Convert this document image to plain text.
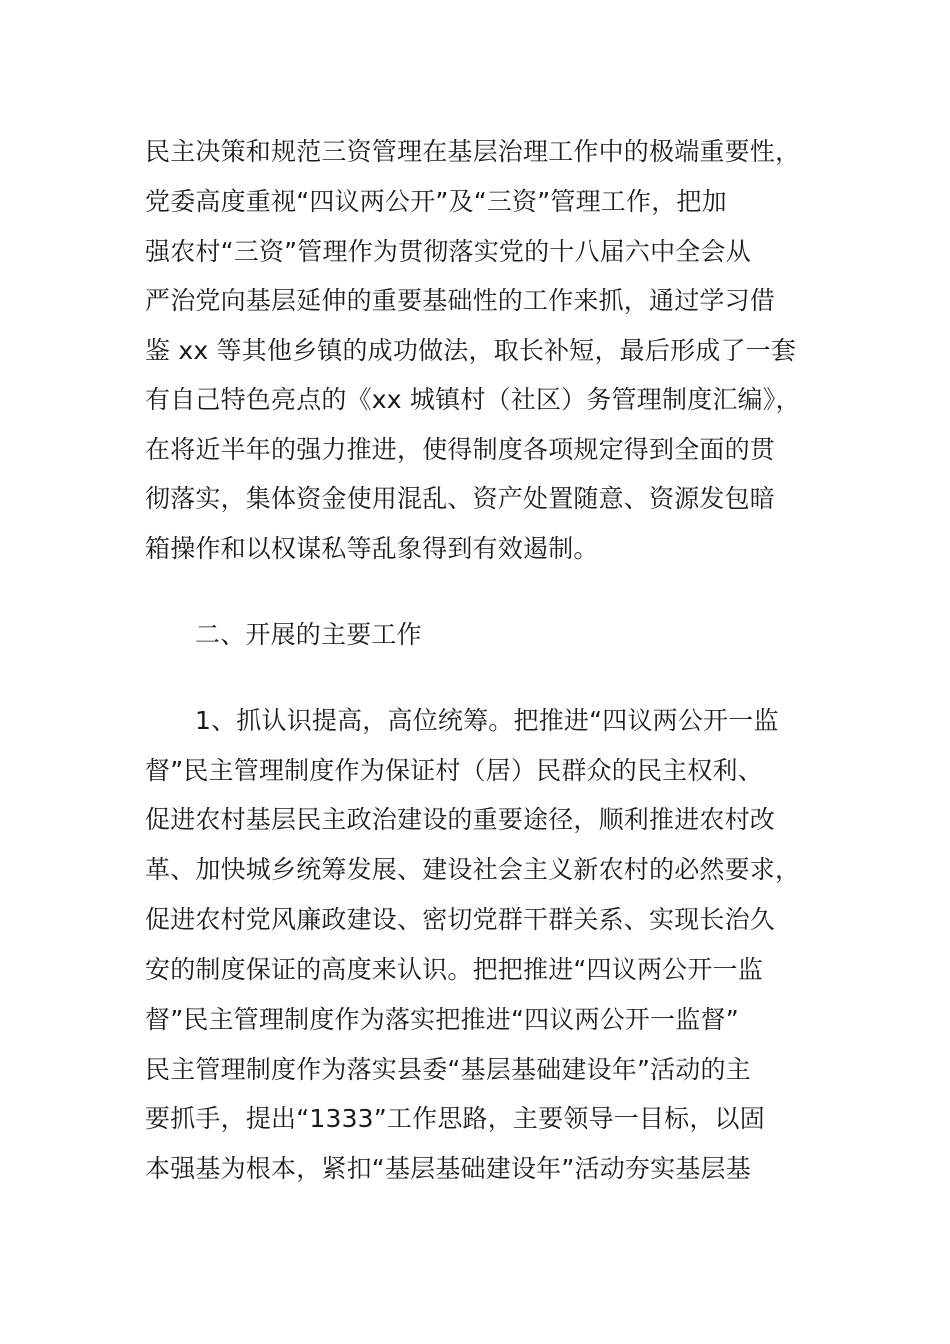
民主决策和规范三资管理在基层治理工作中的极端重要性，
党委高度重视“四议两公开”及“三资”管理工作，把加
强农村“三资”管理作为贯彻落实党的十八届六中全会从
严治党向基层延伸的重要基础性的工作来抓，通过学习借
鉴 xx 等其他乡镇的成功做法，取长补短，最后形成了一套
有自己特色亮点的《xx 城镇村（社区）务管理制度汇编》，
在将近半年的强力推进，使得制度各项规定得到全面的贯
彻落实，集体资金使用混乱、资产处置随意、资源发包暗
箱操作和以权谋私等乱象得到有效遏制。
二、开展的主要工作
1、抓认识提高，高位统筹。把推进“四议两公开一监
督”民主管理制度作为保证村（居）民群众的民主权利、
促进农村基层民主政治建设的重要途径，顺利推进农村改
革、加快城乡统筹发展、建设社会主义新农村的必然要求，
促进农村党风廉政建设、密切党群干群关系、实现长治久
安的制度保证的高度来认识。把把推进“四议两公开一监
督”民主管理制度作为落实把推进“四议两公开一监督”
民主管理制度作为落实县委“基层基础建设年”活动的主
要抓手，提出“1333”工作思路，主要领导一目标，以固
本强基为根本，紧扣“基层基础建设年”活动夯实基层基
